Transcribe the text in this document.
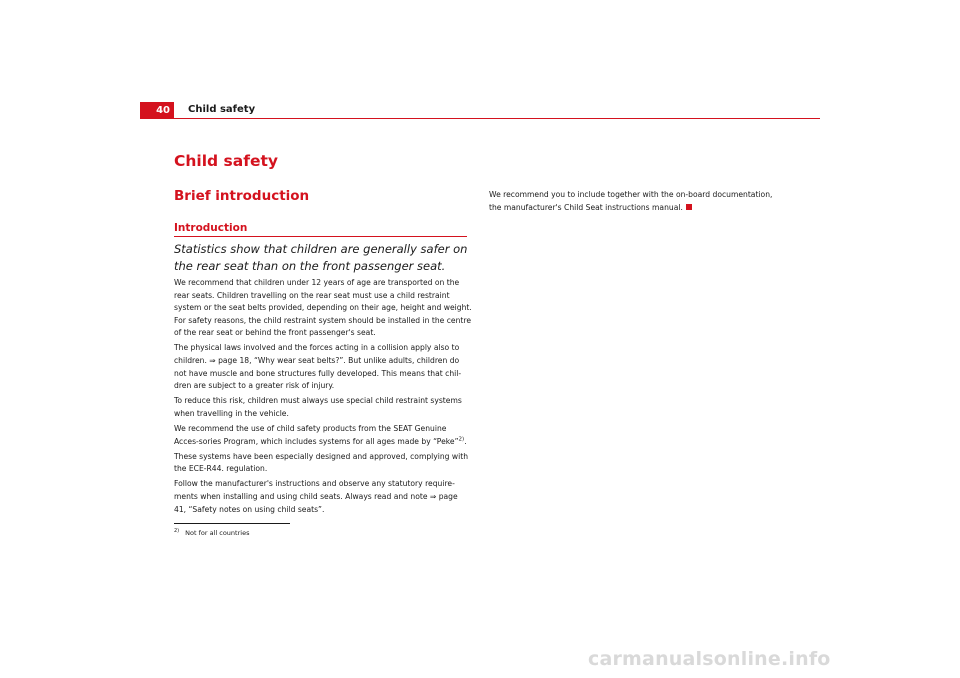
40	Child safety
Child safety
Brief introduction
Introduction

Statistics show that children are generally safer on the rear seat than on the front passenger seat.

We recommend that children under 12 years of age are transported on the rear seats. Children travelling on the rear seat must use a child restraint system or the seat belts provided, depending on their age, height and weight. For safety reasons, the child restraint system should be installed in the centre of the rear seat or behind the front passenger's seat.

The physical laws involved and the forces acting in a collision apply also to children. ⇒ page 18, “Why wear seat belts?”. But unlike adults, children do not have muscle and bone structures fully developed. This means that chil-dren are subject to a greater risk of injury.

To reduce this risk, children must always use special child restraint systems when travelling in the vehicle.

We recommend the use of child safety products from the SEAT Genuine Acces-sories Program, which includes systems for all ages made by “Peke”$^{2)}$.

These systems have been especially designed and approved, complying with the ECE-R44. regulation.

Follow the manufacturer's instructions and observe any statutory require-ments when installing and using child seats. Always read and note ⇒ page 41, “Safety notes on using child seats”.

$^{2)}$ Not for all countries

We recommend you to include together with the on-board documentation, the manufacturer's Child Seat instructions manual.

carmanualsonline.info
